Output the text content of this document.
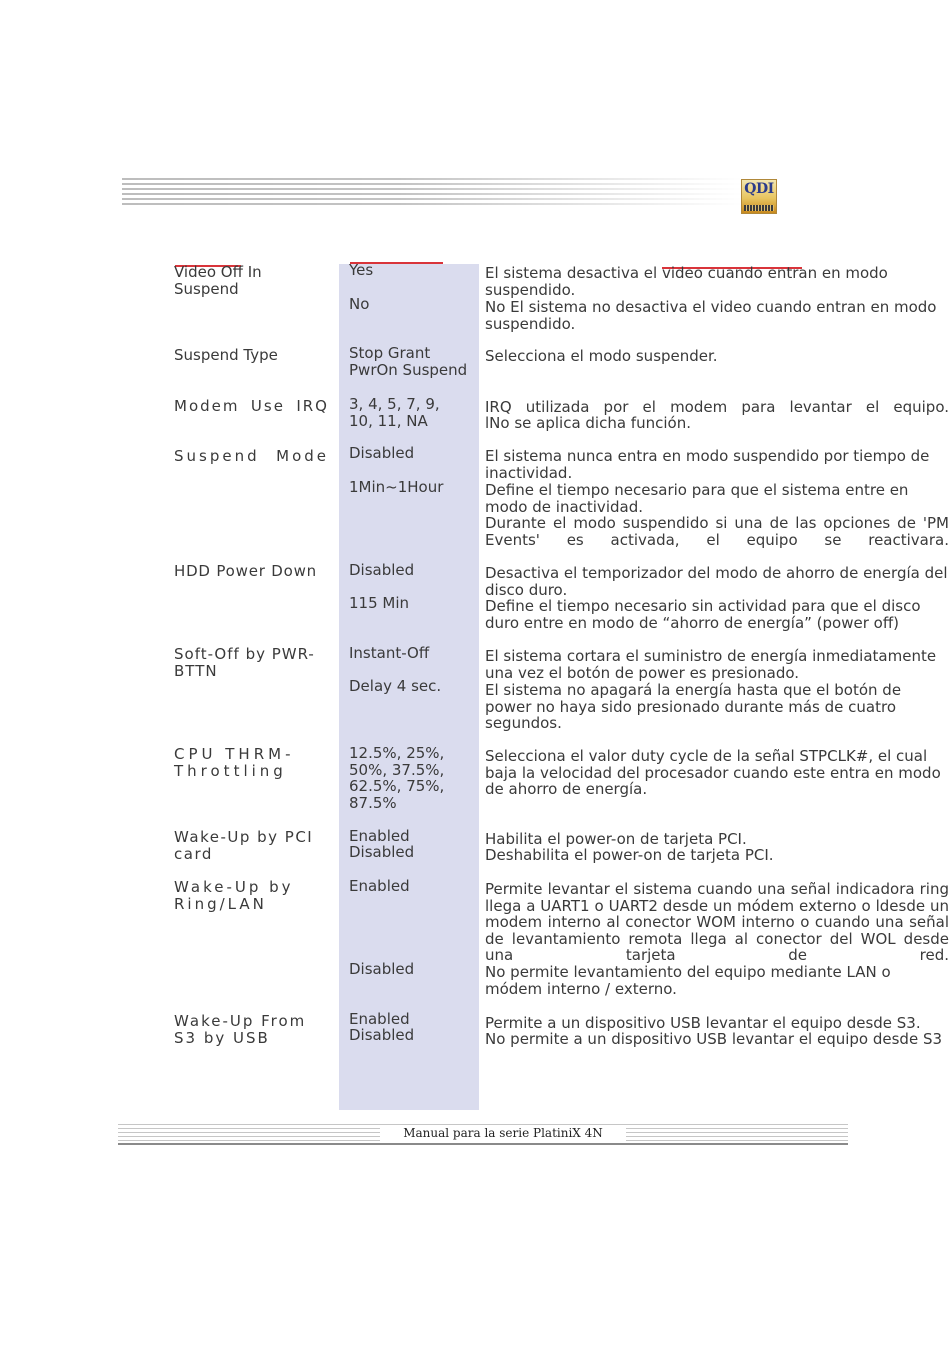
QDI

Video Off In Suspend

Yes

No

El sistema desactiva el video cuando entran en modo suspendido.

No El sistema no desactiva el video cuando entran en modo suspendido.

Suspend Type	Stop Grant

PwrOn Suspend

Selecciona el modo suspender.

Modem Use IRQ 3, 4, 5, 7, 9, 10, 11, NA

IRQ utilizada por el modem para levantar el equipo.

lNo se aplica dicha función.

Suspend Mode Disabled

1Min~1Hour

El sistema nunca entra en modo suspendido por tiempo de inactividad.

Define el tiempo necesario para que el sistema entre en modo de inactividad.

Durante el modo suspendido si una de las opciones de 'PM Events' es activada, el equipo se reactivara.

HDD Power Down	Disabled

115 Min

Desactiva el temporizador del modo de ahorro de energía del disco duro.

Define el tiempo necesario sin actividad para que el disco duro entre en modo de “ahorro de energía” (power off)

Soft-Off by PWR-BTTN

Instant-Off

Delay 4 sec.

El sistema cortara el suministro de energía inmediatamente una vez el botón de power es presionado.

El sistema no apagará la energía hasta que el botón de power no haya sido presionado durante más de cuatro segundos.

CPU THRM-Throttling

12.5%, 25%, 50%, 37.5%, 62.5%, 75%, 87.5%

Selecciona el valor duty cycle de la señal STPCLK#, el cual baja la velocidad del procesador cuando este entra en modo de ahorro de energía.

Wake-Up by PCI card

Enabled

Disabled

Habilita el power-on de tarjeta PCI.

Deshabilita el power-on de tarjeta PCI.

Wake-Up by Ring/LAN

Enabled

Disabled

Permite levantar el sistema cuando una señal indicadora ring llega a UART1 o UART2 desde un módem externo o ldesde un modem interno al conector WOM interno o cuando una señal de levantamiento remota llega al conector del WOL desde una tarjeta de red.

No permite levantamiento del equipo mediante LAN o módem interno / externo.

Wake-Up From S3 by USB

Enabled

Disabled

Permite a un dispositivo USB levantar el equipo desde S3.

No permite a un dispositivo USB levantar el equipo desde S3

Manual para la serie PlatiniX 4N
